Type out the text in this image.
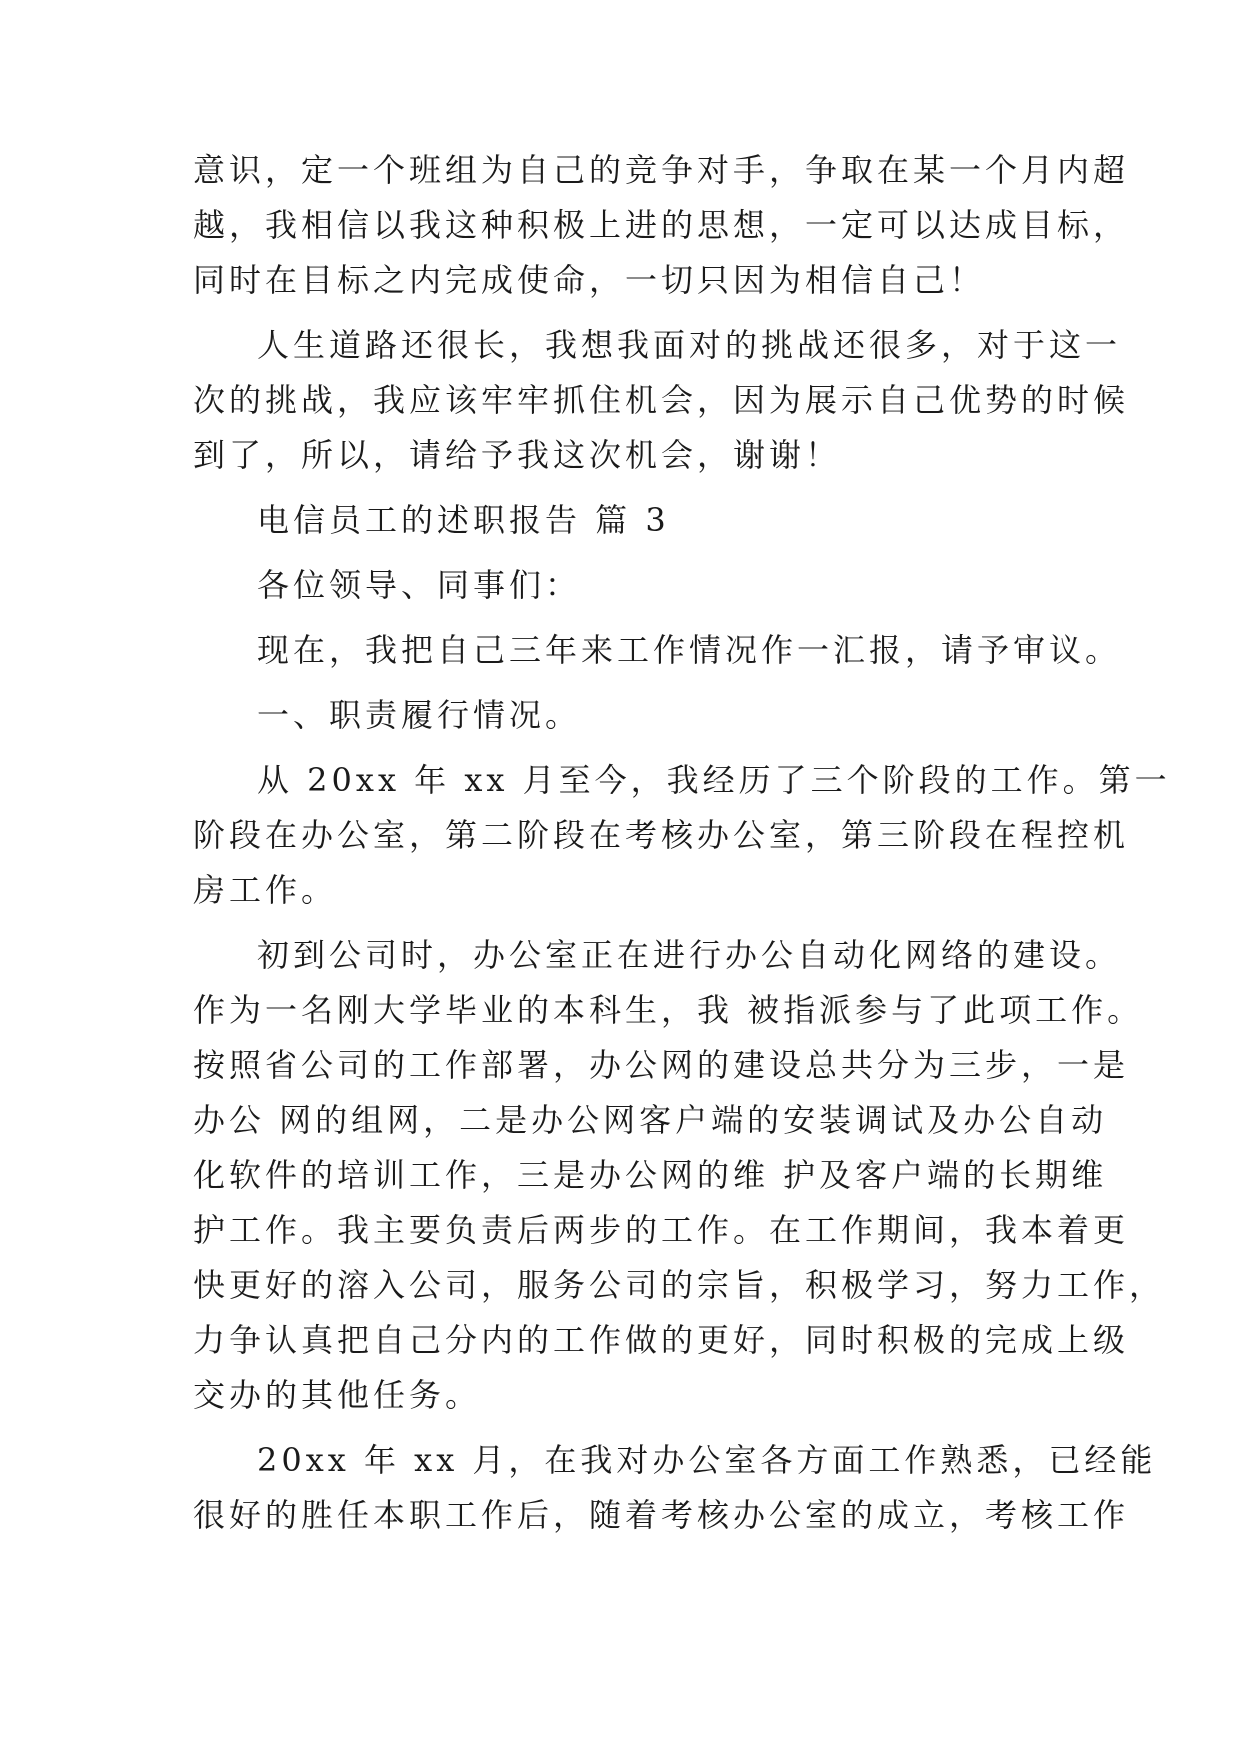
意识，定一个班组为自己的竞争对手，争取在某一个月内超
越，我相信以我这种积极上进的思想，一定可以达成目标，
同时在目标之内完成使命，一切只因为相信自己！
人生道路还很长，我想我面对的挑战还很多，对于这一
次的挑战，我应该牢牢抓住机会，因为展示自己优势的时候
到了，所以，请给予我这次机会，谢谢！
电信员工的述职报告 篇 3
各位领导、同事们：
现在，我把自己三年来工作情况作一汇报，请予审议。
一、职责履行情况。
从 20xx 年 xx 月至今，我经历了三个阶段的工作。第一
阶段在办公室，第二阶段在考核办公室，第三阶段在程控机
房工作。
初到公司时，办公室正在进行办公自动化网络的建设。
作为一名刚大学毕业的本科生，我 被指派参与了此项工作。
按照省公司的工作部署，办公网的建设总共分为三步，一是
办公 网的组网，二是办公网客户端的安装调试及办公自动
化软件的培训工作，三是办公网的维 护及客户端的长期维
护工作。我主要负责后两步的工作。在工作期间，我本着更
快更好的溶入公司，服务公司的宗旨，积极学习，努力工作，
力争认真把自己分内的工作做的更好，同时积极的完成上级
交办的其他任务。
20xx 年 xx 月，在我对办公室各方面工作熟悉，已经能
很好的胜任本职工作后，随着考核办公室的成立，考核工作
